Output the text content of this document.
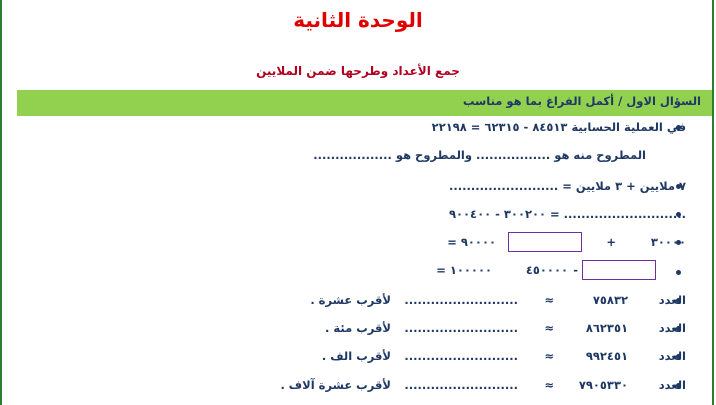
الوحدة الثانية
جمع الأعداد وطرحها ضمن الملايين
السؤال الاول / أكمل الفراغ بما هو مناسب
في العملية الحسابية ٨٤٥١٣ - ٦٢٣١٥ = ٢٢١٩٨
المطروح منه هو ................. والمطروح هو ..................
٧ ملايين + ٣ ملايين = .........................
............................ = ٣٠٠٢٠٠ - ٩٠٠٤٠٠
٣٠٠٠٠
+
٩٠٠٠٠ =
-
٤٥٠٠٠٠
١٠٠٠٠٠ =
العدد
٧٥٨٣٢
≈
..........................
لأقرب عشرة .
العدد
٨٦٢٣٥١
≈
..........................
لأقرب مئة .
العدد
٩٩٢٤٥١
≈
..........................
لأقرب الف .
العدد
٧٩٠٥٣٣٠
≈
..........................
لأقرب عشرة آلاف .
